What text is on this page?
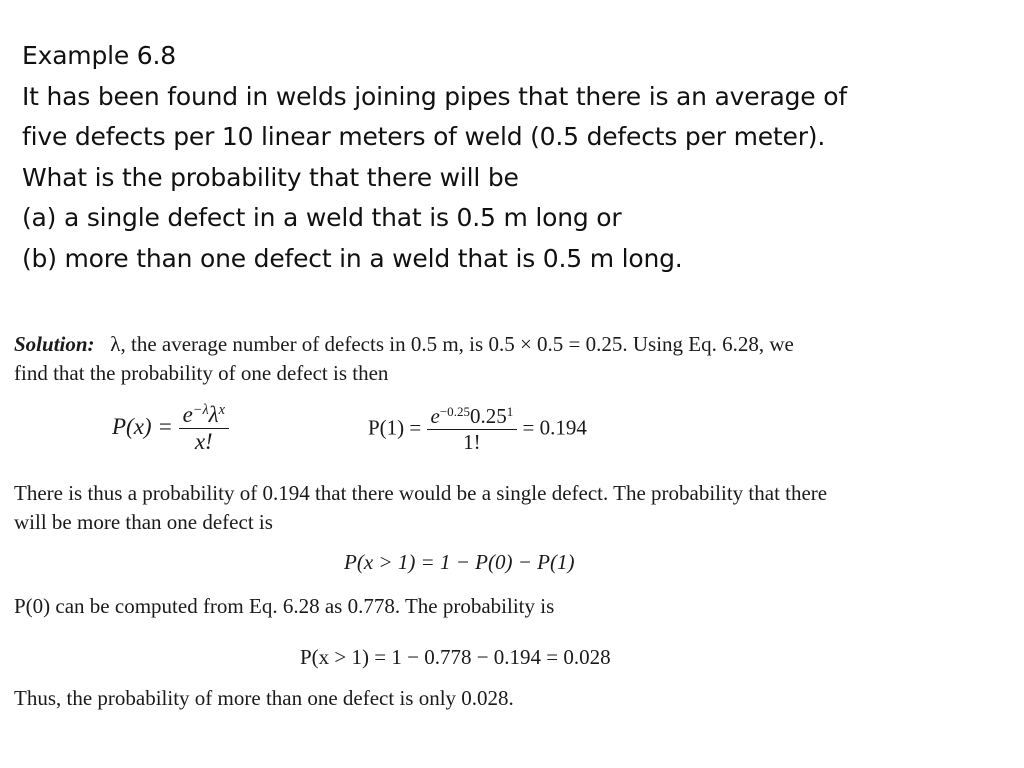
Example 6.8
It has been found in welds joining pipes that there is an average of
five defects per 10 linear meters of weld (0.5 defects per meter).
What is the probability that there will be
(a) a single defect in a weld that is 0.5 m long or
(b) more than one defect in a weld that is 0.5 m long.
Solution: λ, the average number of defects in 0.5 m, is 0.5 × 0.5 = 0.25. Using Eq. 6.28, we
find that the probability of one defect is then
$P(x) = \frac{e^{-\lambda}\lambda^x}{x!}$	$P(1) = \frac{e^{-0.25}0.25^1}{1!} = 0.194$
There is thus a probability of 0.194 that there would be a single defect. The probability that there
will be more than one defect is
P(x > 1) = 1 − P(0) − P(1)
P(0) can be computed from Eq. 6.28 as 0.778. The probability is
P(x > 1) = 1 − 0.778 − 0.194 = 0.028
Thus, the probability of more than one defect is only 0.028.
